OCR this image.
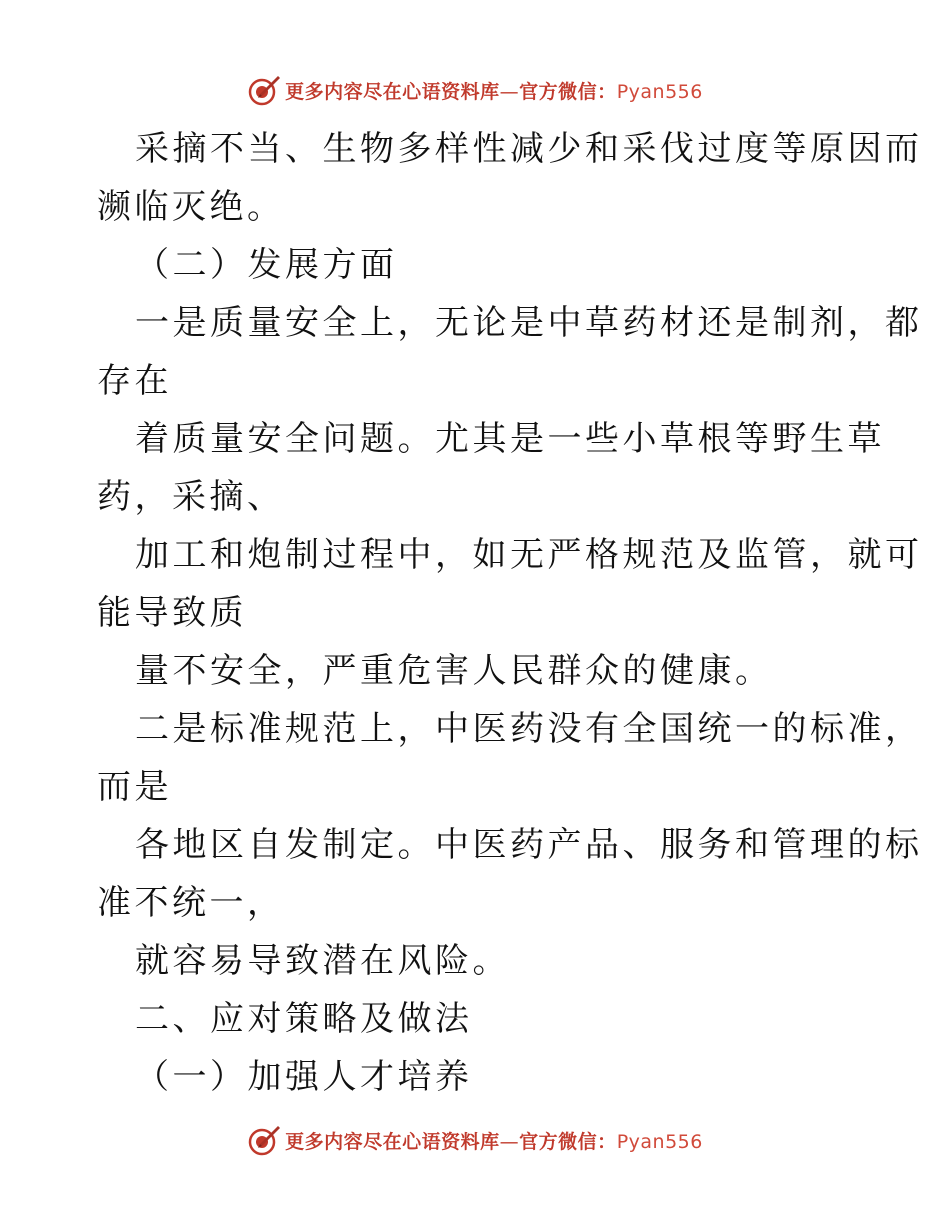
更多内容尽在心语资料库—官方微信：Pyan556
采摘不当、生物多样性减少和采伐过度等原因而
濒临灭绝。
（二）发展方面
一是质量安全上，无论是中草药材还是制剂，都
存在
着质量安全问题。尤其是一些小草根等野生草
药，采摘、
加工和炮制过程中，如无严格规范及监管，就可
能导致质
量不安全，严重危害人民群众的健康。
二是标准规范上，中医药没有全国统一的标准，
而是
各地区自发制定。中医药产品、服务和管理的标
准不统一，
就容易导致潜在风险。
二、应对策略及做法
（一）加强人才培养
更多内容尽在心语资料库—官方微信：Pyan556
